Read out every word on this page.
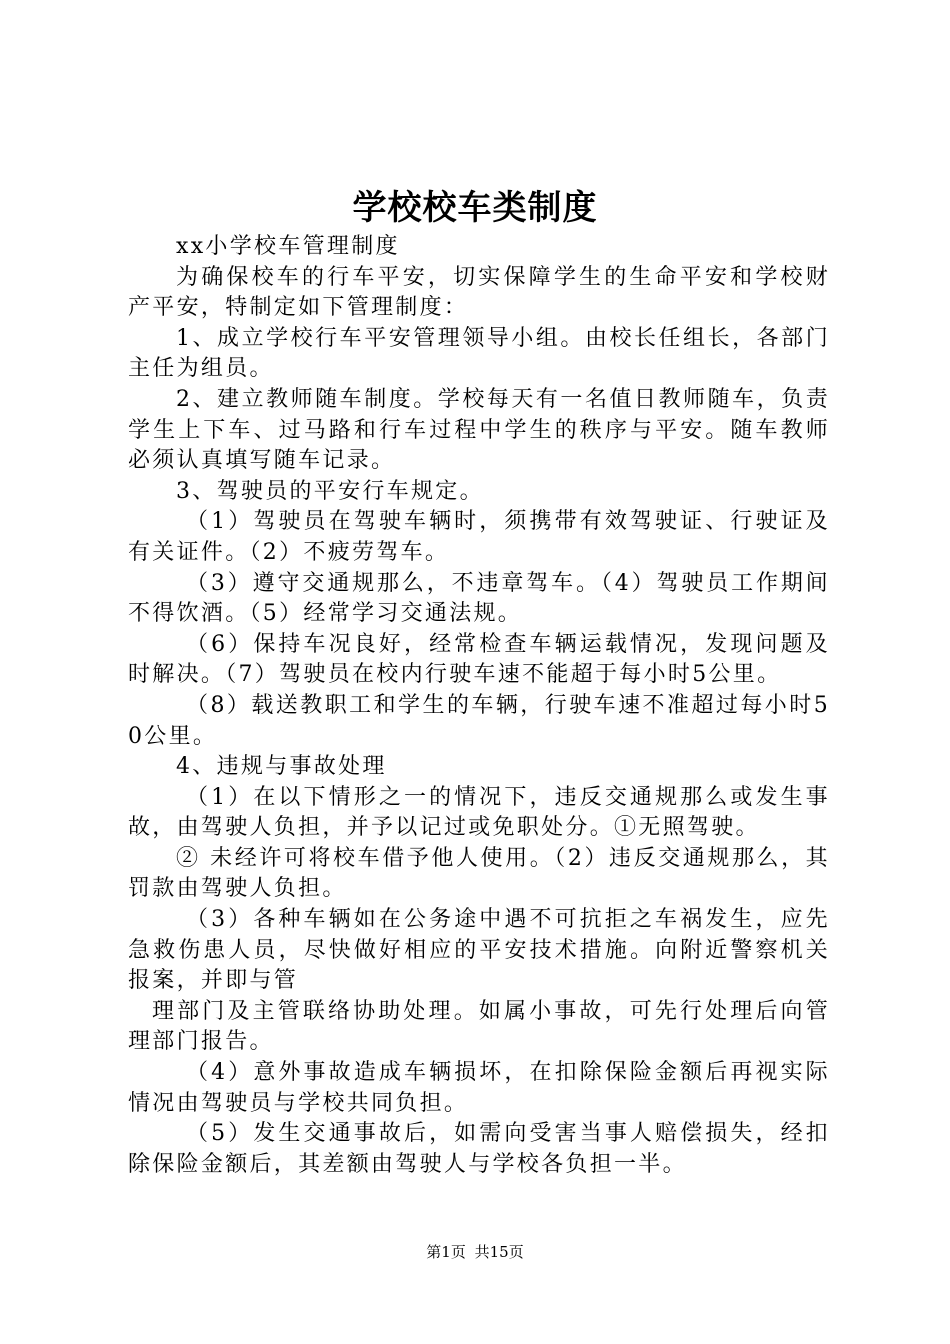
学校校车类制度

xx小学校车管理制度

为确保校车的行车平安，切实保障学生的生命平安和学校财产平安，特制定如下管理制度：

1、成立学校行车平安管理领导小组。由校长任组长，各部门主任为组员。

2、建立教师随车制度。学校每天有一名值日教师随车，负责学生上下车、过马路和行车过程中学生的秩序与平安。随车教师必须认真填写随车记录。

3、驾驶员的平安行车规定。

（1）驾驶员在驾驶车辆时，须携带有效驾驶证、行驶证及有关证件。（2）不疲劳驾车。

（3）遵守交通规那么，不违章驾车。（4）驾驶员工作期间不得饮酒。（5）经常学习交通法规。

（6）保持车况良好，经常检查车辆运载情况，发现问题及时解决。（7）驾驶员在校内行驶车速不能超于每小时5公里。

（8）载送教职工和学生的车辆，行驶车速不准超过每小时50公里。

4、违规与事故处理

（1）在以下情形之一的情况下，违反交通规那么或发生事故，由驾驶人负担，并予以记过或免职处分。①无照驾驶。

② 未经许可将校车借予他人使用。（2）违反交通规那么，其罚款由驾驶人负担。

（3）各种车辆如在公务途中遇不可抗拒之车祸发生，应先急救伤患人员，尽快做好相应的平安技术措施。向附近警察机关报案，并即与管

理部门及主管联络协助处理。如属小事故，可先行处理后向管理部门报告。

（4）意外事故造成车辆损坏，在扣除保险金额后再视实际情况由驾驶员与学校共同负担。

（5）发生交通事故后，如需向受害当事人赔偿损失，经扣除保险金额后，其差额由驾驶人与学校各负担一半。

第1页 共15页
